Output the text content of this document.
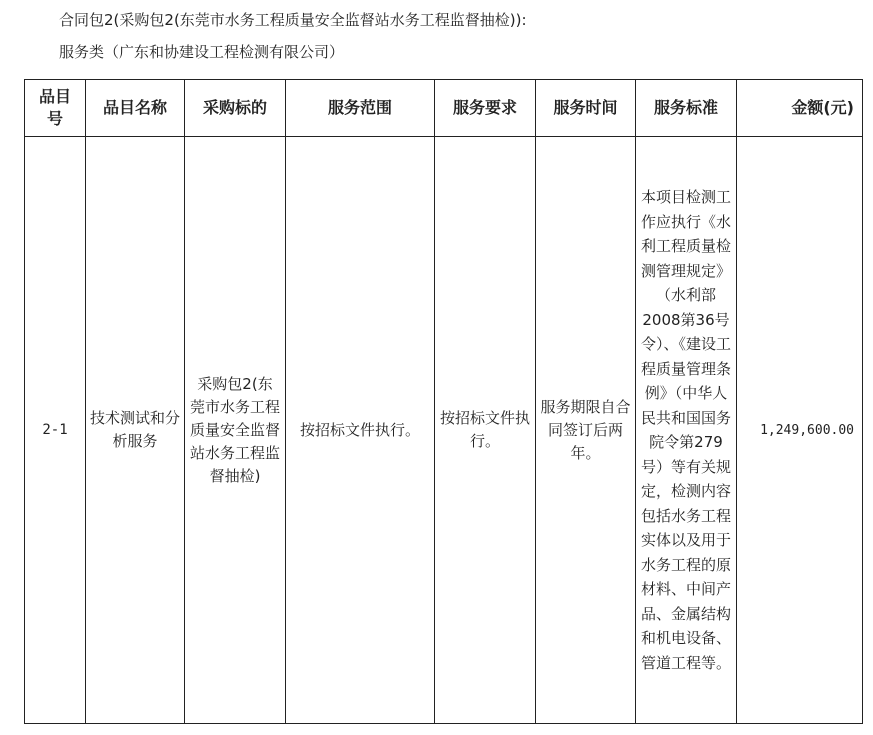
合同包2(采购包2(东莞市水务工程质量安全监督站水务工程监督抽检)):
服务类（广东和协建设工程检测有限公司）
品目号	品目名称	采购标的	服务范围	服务要求	服务时间	服务标准	金额(元)
2-1	技术测试和分析服务	采购包2(东莞市水务工程质量安全监督站水务工程监督抽检)	按招标文件执行。	按招标文件执行。	服务期限自合同签订后两年。	本项目检测工作应执行《水利工程质量检测管理规定》（水利部2008第36号令）、《建设工程质量管理条例》（中华人民共和国国务院令第279号）等有关规定，检测内容包括水务工程实体以及用于水务工程的原材料、中间产品、金属结构和机电设备、管道工程等。	1,249,600.00
